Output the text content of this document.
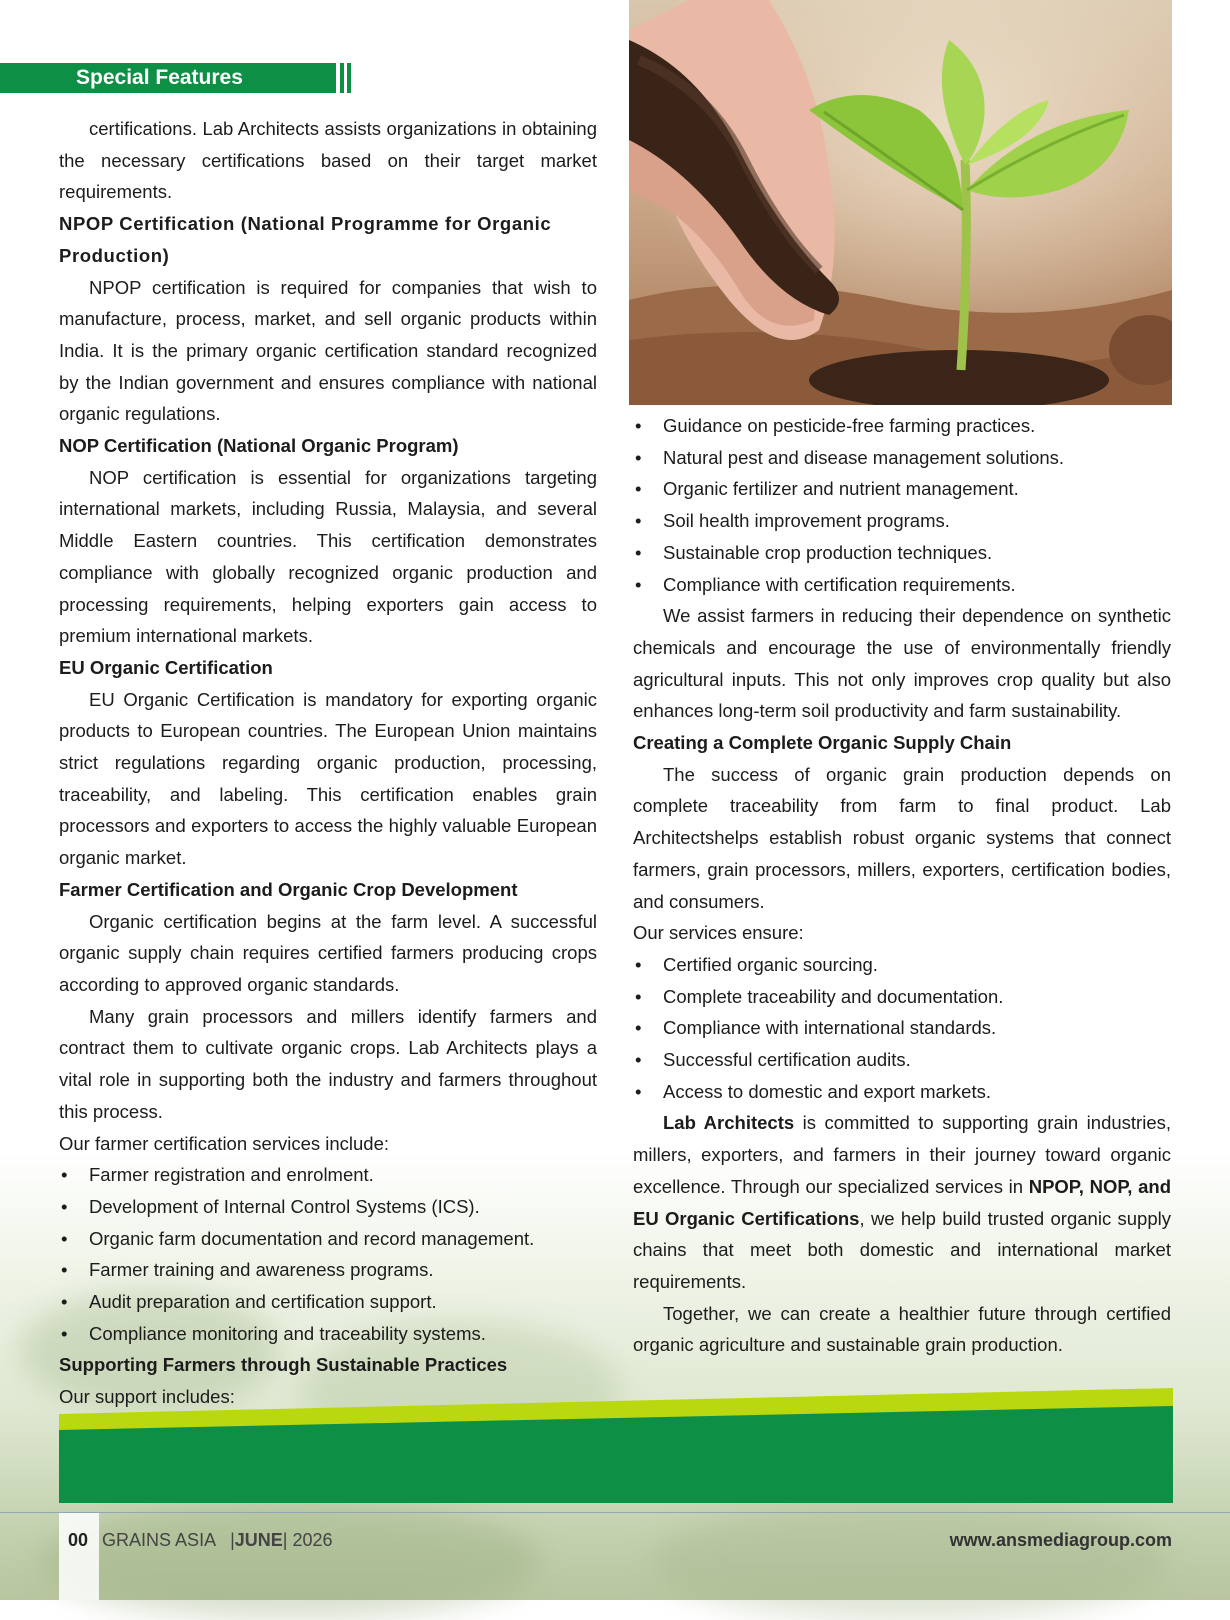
Special Features

certifications. Lab Architects assists organizations in obtaining the necessary certifications based on their target market requirements.

NPOP Certification (National Programme for Organic Production)

NPOP certification is required for companies that wish to manufacture, process, market, and sell organic products within India. It is the primary organic certification standard recognized by the Indian government and ensures compliance with national organic regulations.

NOP Certification (National Organic Program)

NOP certification is essential for organizations targeting international markets, including Russia, Malaysia, and several Middle Eastern countries. This certification demonstrates compliance with globally recognized organic production and processing requirements, helping exporters gain access to premium international markets.

EU Organic Certification

EU Organic Certification is mandatory for exporting organic products to European countries. The European Union maintains strict regulations regarding organic production, processing, traceability, and labeling. This certification enables grain processors and exporters to access the highly valuable European organic market.

Farmer Certification and Organic Crop Development

Organic certification begins at the farm level. A successful organic supply chain requires certified farmers producing crops according to approved organic standards.

Many grain processors and millers identify farmers and contract them to cultivate organic crops. Lab Architects plays a vital role in supporting both the industry and farmers throughout this process.

Our farmer certification services include:

• Farmer registration and enrolment.
• Development of Internal Control Systems (ICS).
• Organic farm documentation and record management.
• Farmer training and awareness programs.
• Audit preparation and certification support.
• Compliance monitoring and traceability systems.

Supporting Farmers through Sustainable Practices

Our support includes:

• Guidance on pesticide-free farming practices.
• Natural pest and disease management solutions.
• Organic fertilizer and nutrient management.
• Soil health improvement programs.
• Sustainable crop production techniques.
• Compliance with certification requirements.

We assist farmers in reducing their dependence on synthetic chemicals and encourage the use of environmentally friendly agricultural inputs. This not only improves crop quality but also enhances long-term soil productivity and farm sustainability.

Creating a Complete Organic Supply Chain

The success of organic grain production depends on complete traceability from farm to final product. Lab Architectshelps establish robust organic systems that connect farmers, grain processors, millers, exporters, certification bodies, and consumers.

Our services ensure:

• Certified organic sourcing.
• Complete traceability and documentation.
• Compliance with international standards.
• Successful certification audits.
• Access to domestic and export markets.

Lab Architects is committed to supporting grain industries, millers, exporters, and farmers in their journey toward organic excellence. Through our specialized services in NPOP, NOP, and EU Organic Certifications, we help build trusted organic supply chains that meet both domestic and international market requirements.

Together, we can create a healthier future through certified organic agriculture and sustainable grain production.

00 GRAINS ASIA |JUNE| 2026	www.ansmediagroup.com
